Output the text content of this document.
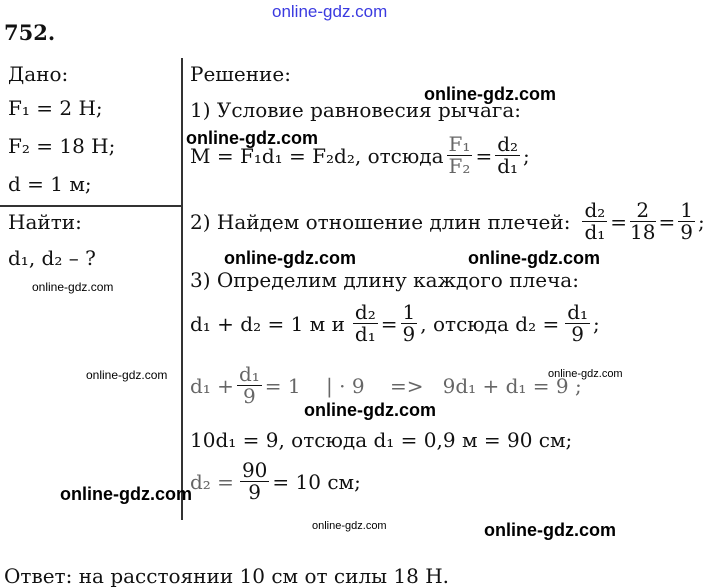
online-gdz.com
752.
Дано:
F₁ = 2 Н;
F₂ = 18 Н;
d = 1 м;
Найти:
d₁, d₂ – ?
Решение:
1) Условие равновесия рычага:
M = F₁d₁ = F₂d₂, отсюда $\frac{\text{F₁}}{\text{F₂}} = \frac{\text{d₂}}{\text{d₁}}$ ;
2) Найдем отношение длин плечей: $\frac{\text{d₂}}{\text{d₁}} = \frac{2}{18} = \frac{1}{9}$ ;
3) Определим длину каждого плеча:
d₁ + d₂ = 1 м и $\frac{\text{d₂}}{\text{d₁}} = \frac{1}{9}$ , отсюда $d_2 = \frac{\text{d₁}}{9}$ ;
$d_1 + \frac{\text{d₁}}{9} = 1$    | · 9    =>   9d₁ + d₁ = 9 ;
10d₁ = 9, отсюда d₁ = 0,9 м = 90 см;
$d_2 = \frac{90}{9} = 10$ см;
Ответ: на расстоянии 10 см от силы 18 Н.
online-gdz.com
online-gdz.com
online-gdz.com	online-gdz.com
online-gdz.com
online-gdz.com	online-gdz.com
online-gdz.com
online-gdz.com
online-gdz.com	online-gdz.com
